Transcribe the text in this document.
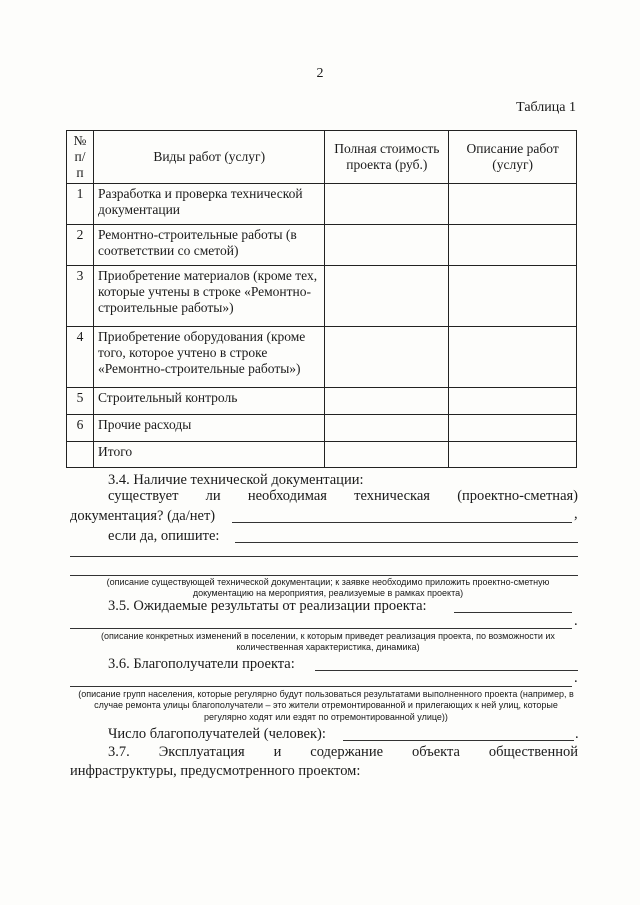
2
Таблица 1
№ п/п	Виды работ (услуг)	Полная стоимость проекта (руб.)	Описание работ (услуг)
1	Разработка и проверка технической документации		
2	Ремонтно-строительные работы (в соответствии со сметой)		
3	Приобретение материалов (кроме тех, которые учтены в строке «Ремонтно-строительные работы»)		
4	Приобретение оборудования (кроме того, которое учтено в строке «Ремонтно-строительные работы»)		
5	Строительный контроль		
6	Прочие расходы		
	Итого		
3.4. Наличие технической документации:
существует ли необходимая техническая (проектно-сметная)
документация? (да/нет)	,
если да, опишите:
(описание существующей технической документации; к заявке необходимо приложить проектно-сметную документацию на мероприятия, реализуемые в рамках проекта)
3.5. Ожидаемые результаты от реализации проекта:
.
(описание конкретных изменений в поселении, к которым приведет реализация проекта, по возможности их количественная характеристика, динамика)
3.6. Благополучатели проекта:
.
(описание групп населения, которые регулярно будут пользоваться результатами выполненного проекта (например, в случае ремонта улицы благополучатели – это жители отремонтированной и прилегающих к ней улиц, которые регулярно ходят или ездят по отремонтированной улице))
Число благополучателей (человек):	.
3.7. Эксплуатация и содержание объекта общественной
инфраструктуры, предусмотренного проектом:
